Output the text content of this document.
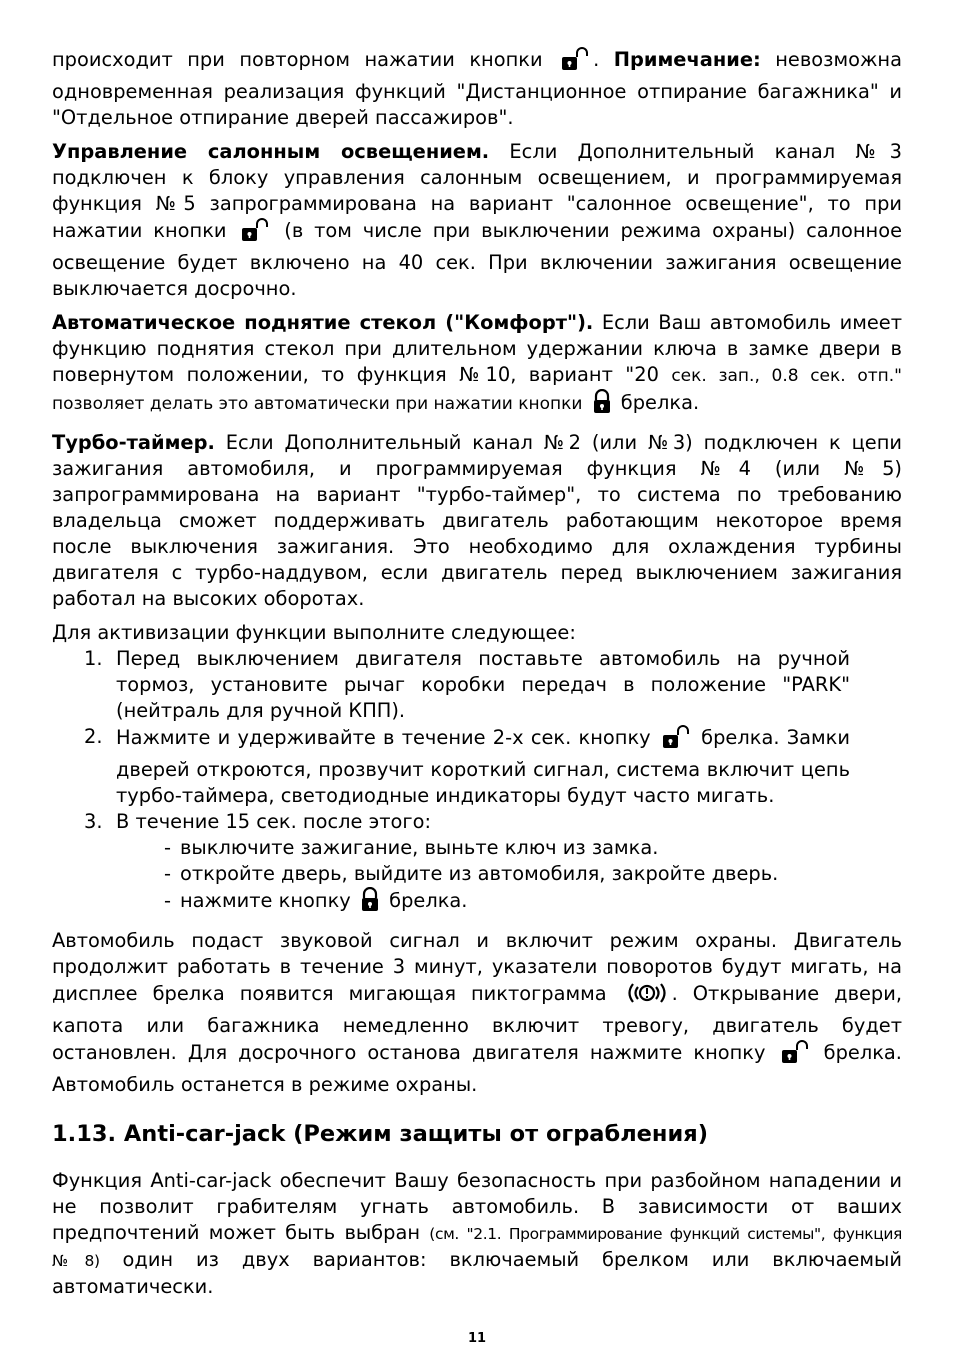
происходит при повторном нажатии кнопки	. Примечание: невозможна одновременная реализация функций "Дистанционное отпирание багажника" и "Отдельное отпирание дверей пассажиров".

Управление салонным освещением. Если Дополнительный канал №3 подключен к блоку управления салонным освещением, и программируемая функция №5 запрограммирована на вариант "салонное освещение", то при нажатии кнопки	(в том числе при выключении режима охраны) салонное освещение будет включено на 40 сек. При включении зажигания освещение выключается досрочно.

Автоматическое поднятие стекол ("Комфорт"). Если Ваш автомобиль имеет функцию поднятия стекол при длительном удержании ключа в замке двери в повернутом положении, то функция №10, вариант "20 сек. зап., 0.8 сек. отп." позволяет делать это автоматически при нажатии кнопки брелка.

Турбо-таймер. Если Дополнительный канал №2 (или №3) подключен к цепи зажигания автомобиля, и программируемая функция №4 (или №5) запрограммирована на вариант "турбо-таймер", то система по требованию владельца сможет поддерживать двигатель работающим некоторое время после выключения зажигания. Это необходимо для охлаждения турбины двигателя с турбо-наддувом, если двигатель перед выключением зажигания работал на высоких оборотах.

Для активизации функции выполните следующее:

1. Перед выключением двигателя поставьте автомобиль на ручной тормоз, установите рычаг коробки передач в положение "PARK" (нейтраль для ручной КПП).
2. Нажмите и удерживайте в течение 2-х сек. кнопку	брелка. Замки дверей откроются, прозвучит короткий сигнал, система включит цепь турбо-таймера, светодиодные индикаторы будут часто мигать.
3. В течение 15 сек. после этого:
- выключите зажигание, выньте ключ из замка.
- откройте дверь, выйдите из автомобиля, закройте дверь.
- нажмите кнопку брелка.

Автомобиль подаст звуковой сигнал и включит режим охраны. Двигатель продолжит работать в течение 3 минут, указатели поворотов будут мигать, на дисплее брелка появится мигающая пиктограмма	. Открывание двери, капота или багажника немедленно включит тревогу, двигатель будет остановлен. Для досрочного останова двигателя нажмите кнопку	брелка. Автомобиль останется в режиме охраны.

1.13. Anti-car-jack (Режим защиты от ограбления)

Функция Anti-car-jack обеспечит Вашу безопасность при разбойном нападении и не позволит грабителям угнать автомобиль. В зависимости от ваших предпочтений может быть выбран (см. "2.1. Программирование функций системы", функция №8) один из двух вариантов: включаемый брелком или включаемый автоматически.

11
